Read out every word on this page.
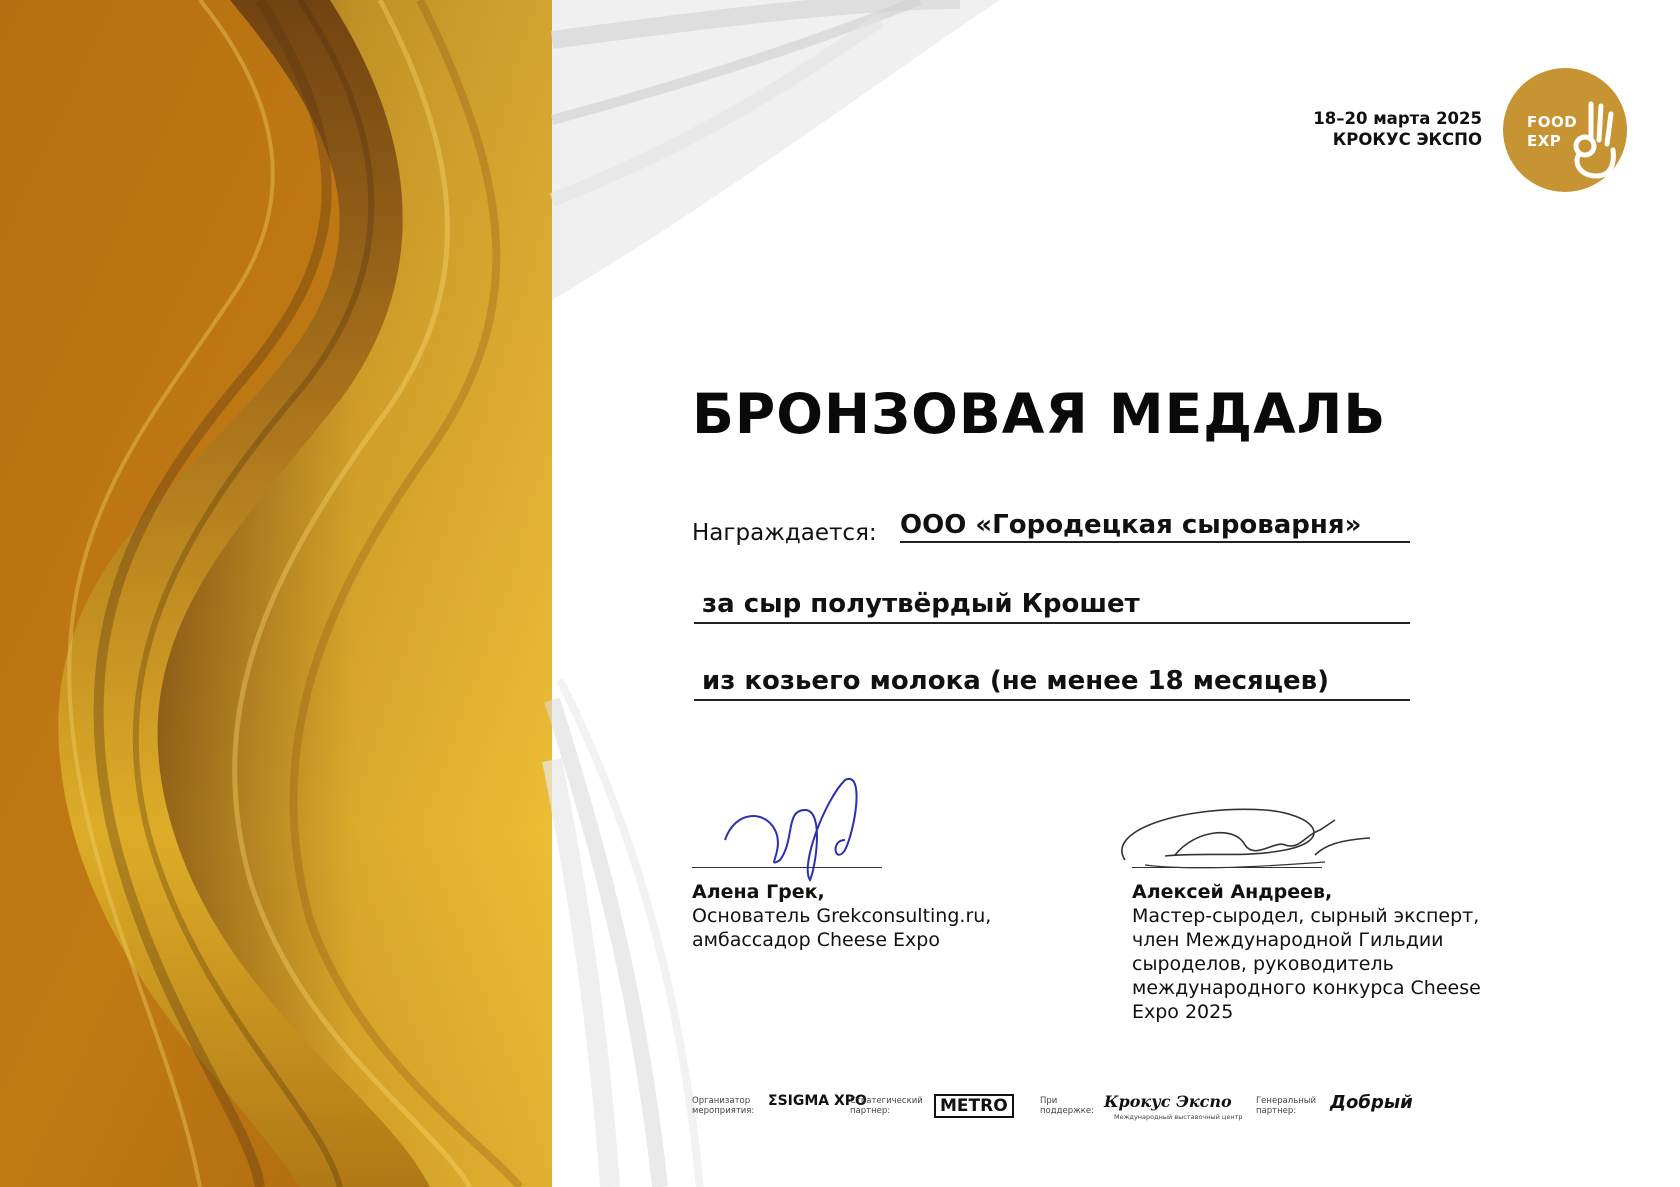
18–20 марта 2025
КРОКУС ЭКСПО
FOOD
EXP
БРОНЗОВАЯ МЕДАЛЬ
Награждается: ООО «Городецкая сыроварня»
за сыр полутвёрдый Крошет
из козьего молока (не менее 18 месяцев)
Алена Грек,
Основатель Grekconsulting.ru,
амбассадор Cheese Expo
Алексей Андреев,
Мастер-сыродел, сырный эксперт,
член Международной Гильдии
сыроделов, руководитель
международного конкурса Cheese
Expo 2025
Организатор
мероприятия:
ΣSIGMA XPO
Стратегический
партнер:	METRO	При
поддержке: Крокус Экспо
Международный выставочный центр
Генеральный
партнер:	Добрый
